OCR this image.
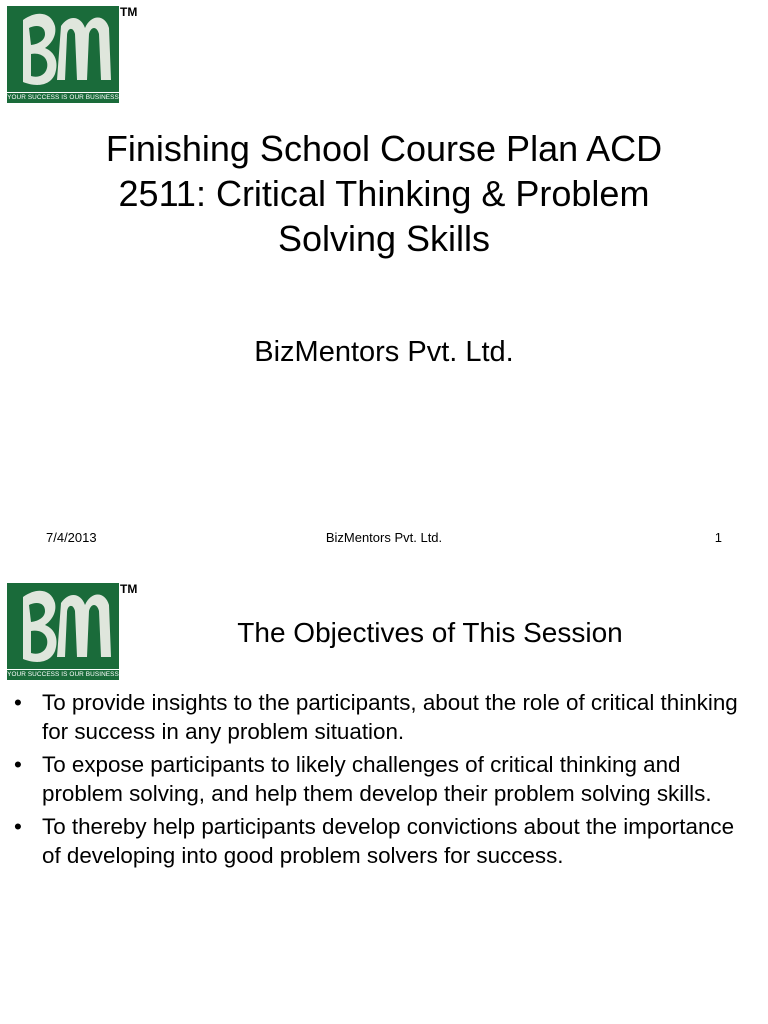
YOUR SUCCESS IS OUR BUSINESS
TM
Finishing School Course Plan ACD 2511: Critical Thinking & Problem Solving Skills
BizMentors Pvt. Ltd.
7/4/2013	BizMentors Pvt. Ltd.	1
YOUR SUCCESS IS OUR BUSINESS
TM
The Objectives of This Session
• To provide insights to the participants, about the role of critical thinking for success in any problem situation.
• To expose participants to likely challenges of critical thinking and problem solving, and help them develop their problem solving skills.
• To thereby help participants develop convictions about the importance of developing into good problem solvers for success.
